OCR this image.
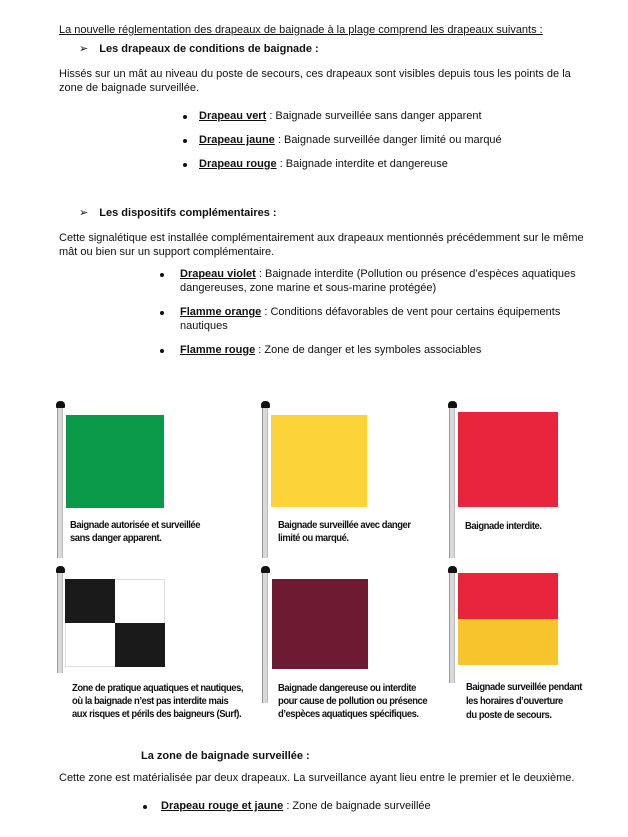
La nouvelle réglementation des drapeaux de baignade à la plage comprend les drapeaux suivants :
➢ Les drapeaux de conditions de baignade :
Hissés sur un mât au niveau du poste de secours, ces drapeaux sont visibles depuis tous les points de la
zone de baignade surveillée.
Drapeau vert : Baignade surveillée sans danger apparent
Drapeau jaune : Baignade surveillée danger limité ou marqué
Drapeau rouge : Baignade interdite et dangereuse
➢ Les dispositifs complémentaires :
Cette signalétique est installée complémentairement aux drapeaux mentionnés précédemment sur le même
mât ou bien sur un support complémentaire.
Drapeau violet : Baignade interdite (Pollution ou présence d’espèces aquatiques
dangereuses, zone marine et sous-marine protégée)
Flamme orange : Conditions défavorables de vent pour certains équipements
nautiques
Flamme rouge : Zone de danger et les symboles associables
Baignade autorisée et surveillée
sans danger apparent.
Baignade surveillée avec danger
limité ou marqué.
Baignade interdite.
Zone de pratique aquatiques et nautiques,
où la baignade n’est pas interdite mais
aux risques et périls des baigneurs (Surf).
Baignade dangereuse ou interdite
pour cause de pollution ou présence
d’espèces aquatiques spécifiques.
Baignade surveillée pendant
les horaires d’ouverture
du poste de secours.
La zone de baignade surveillée :
Cette zone est matérialisée par deux drapeaux. La surveillance ayant lieu entre le premier et le deuxième.
Drapeau rouge et jaune : Zone de baignade surveillée
